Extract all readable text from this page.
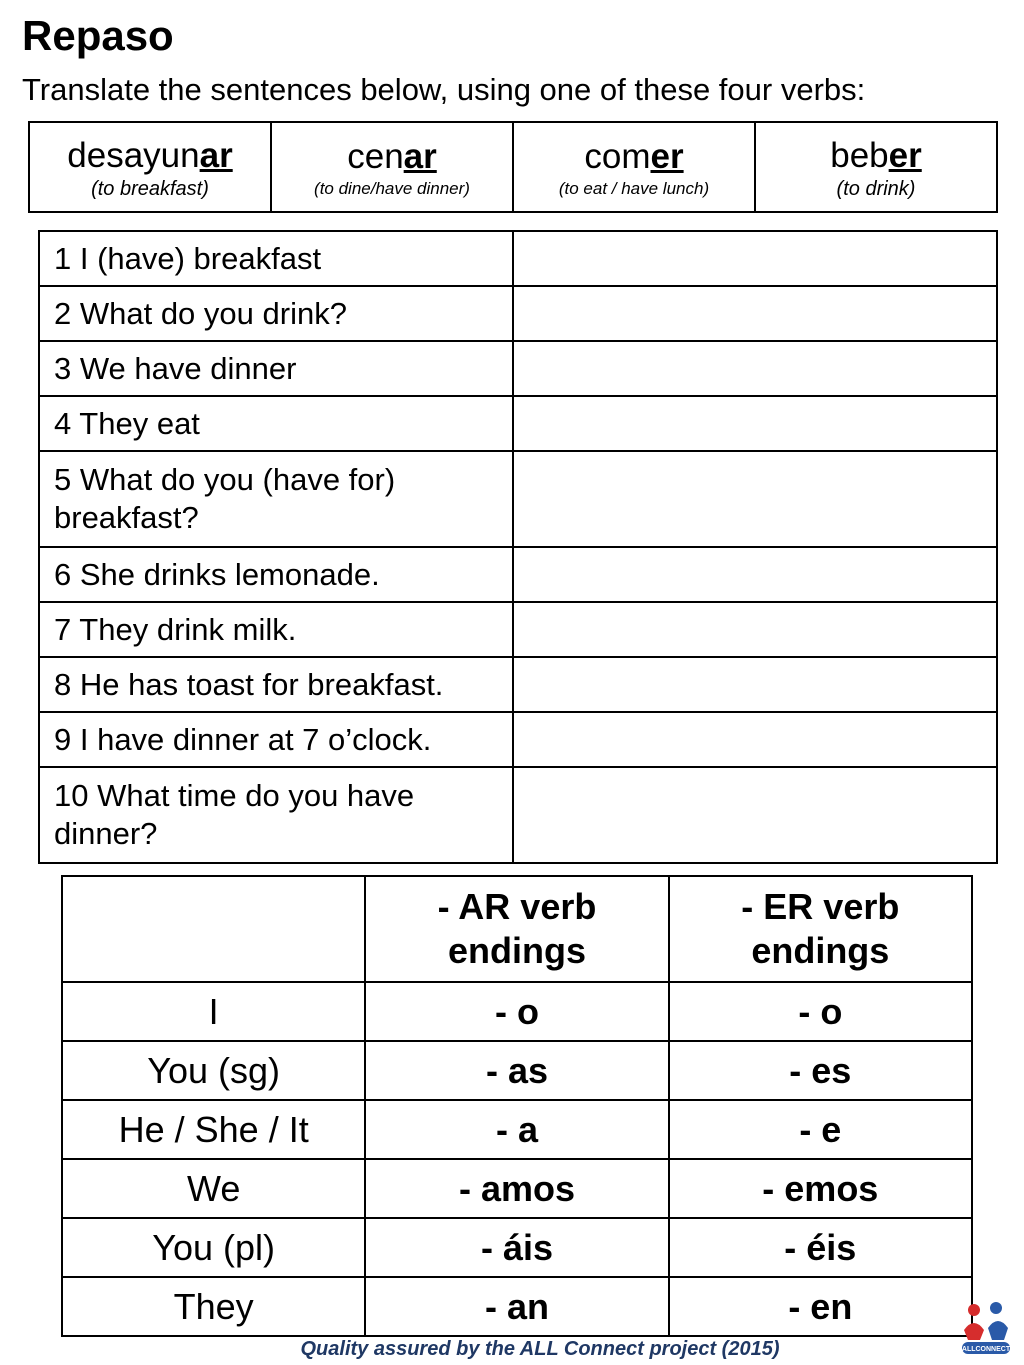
Repaso
Translate the sentences below, using one of these four verbs:
desayunar
(to breakfast)

cenar
(to dine/have dinner)

comer
(to eat / have lunch)

beber
(to drink)
1 I (have) breakfast	
2 What do you drink?	
3 We have dinner	
4 They eat	
5 What do you (have for) breakfast?	
6 She drinks lemonade.	
7 They drink milk.	
8 He has toast for breakfast.	
9 I have dinner at 7 o’clock.	
10 What time do you have dinner?	
	- AR verb endings	- ER verb endings
I	- o	- o
You (sg)	- as	- es
He / She / It	- a	- e
We	- amos	- emos
You (pl)	- áis	- éis
They	- an	- en
Quality assured by the ALL Connect project (2015)	ALLCONNECT
